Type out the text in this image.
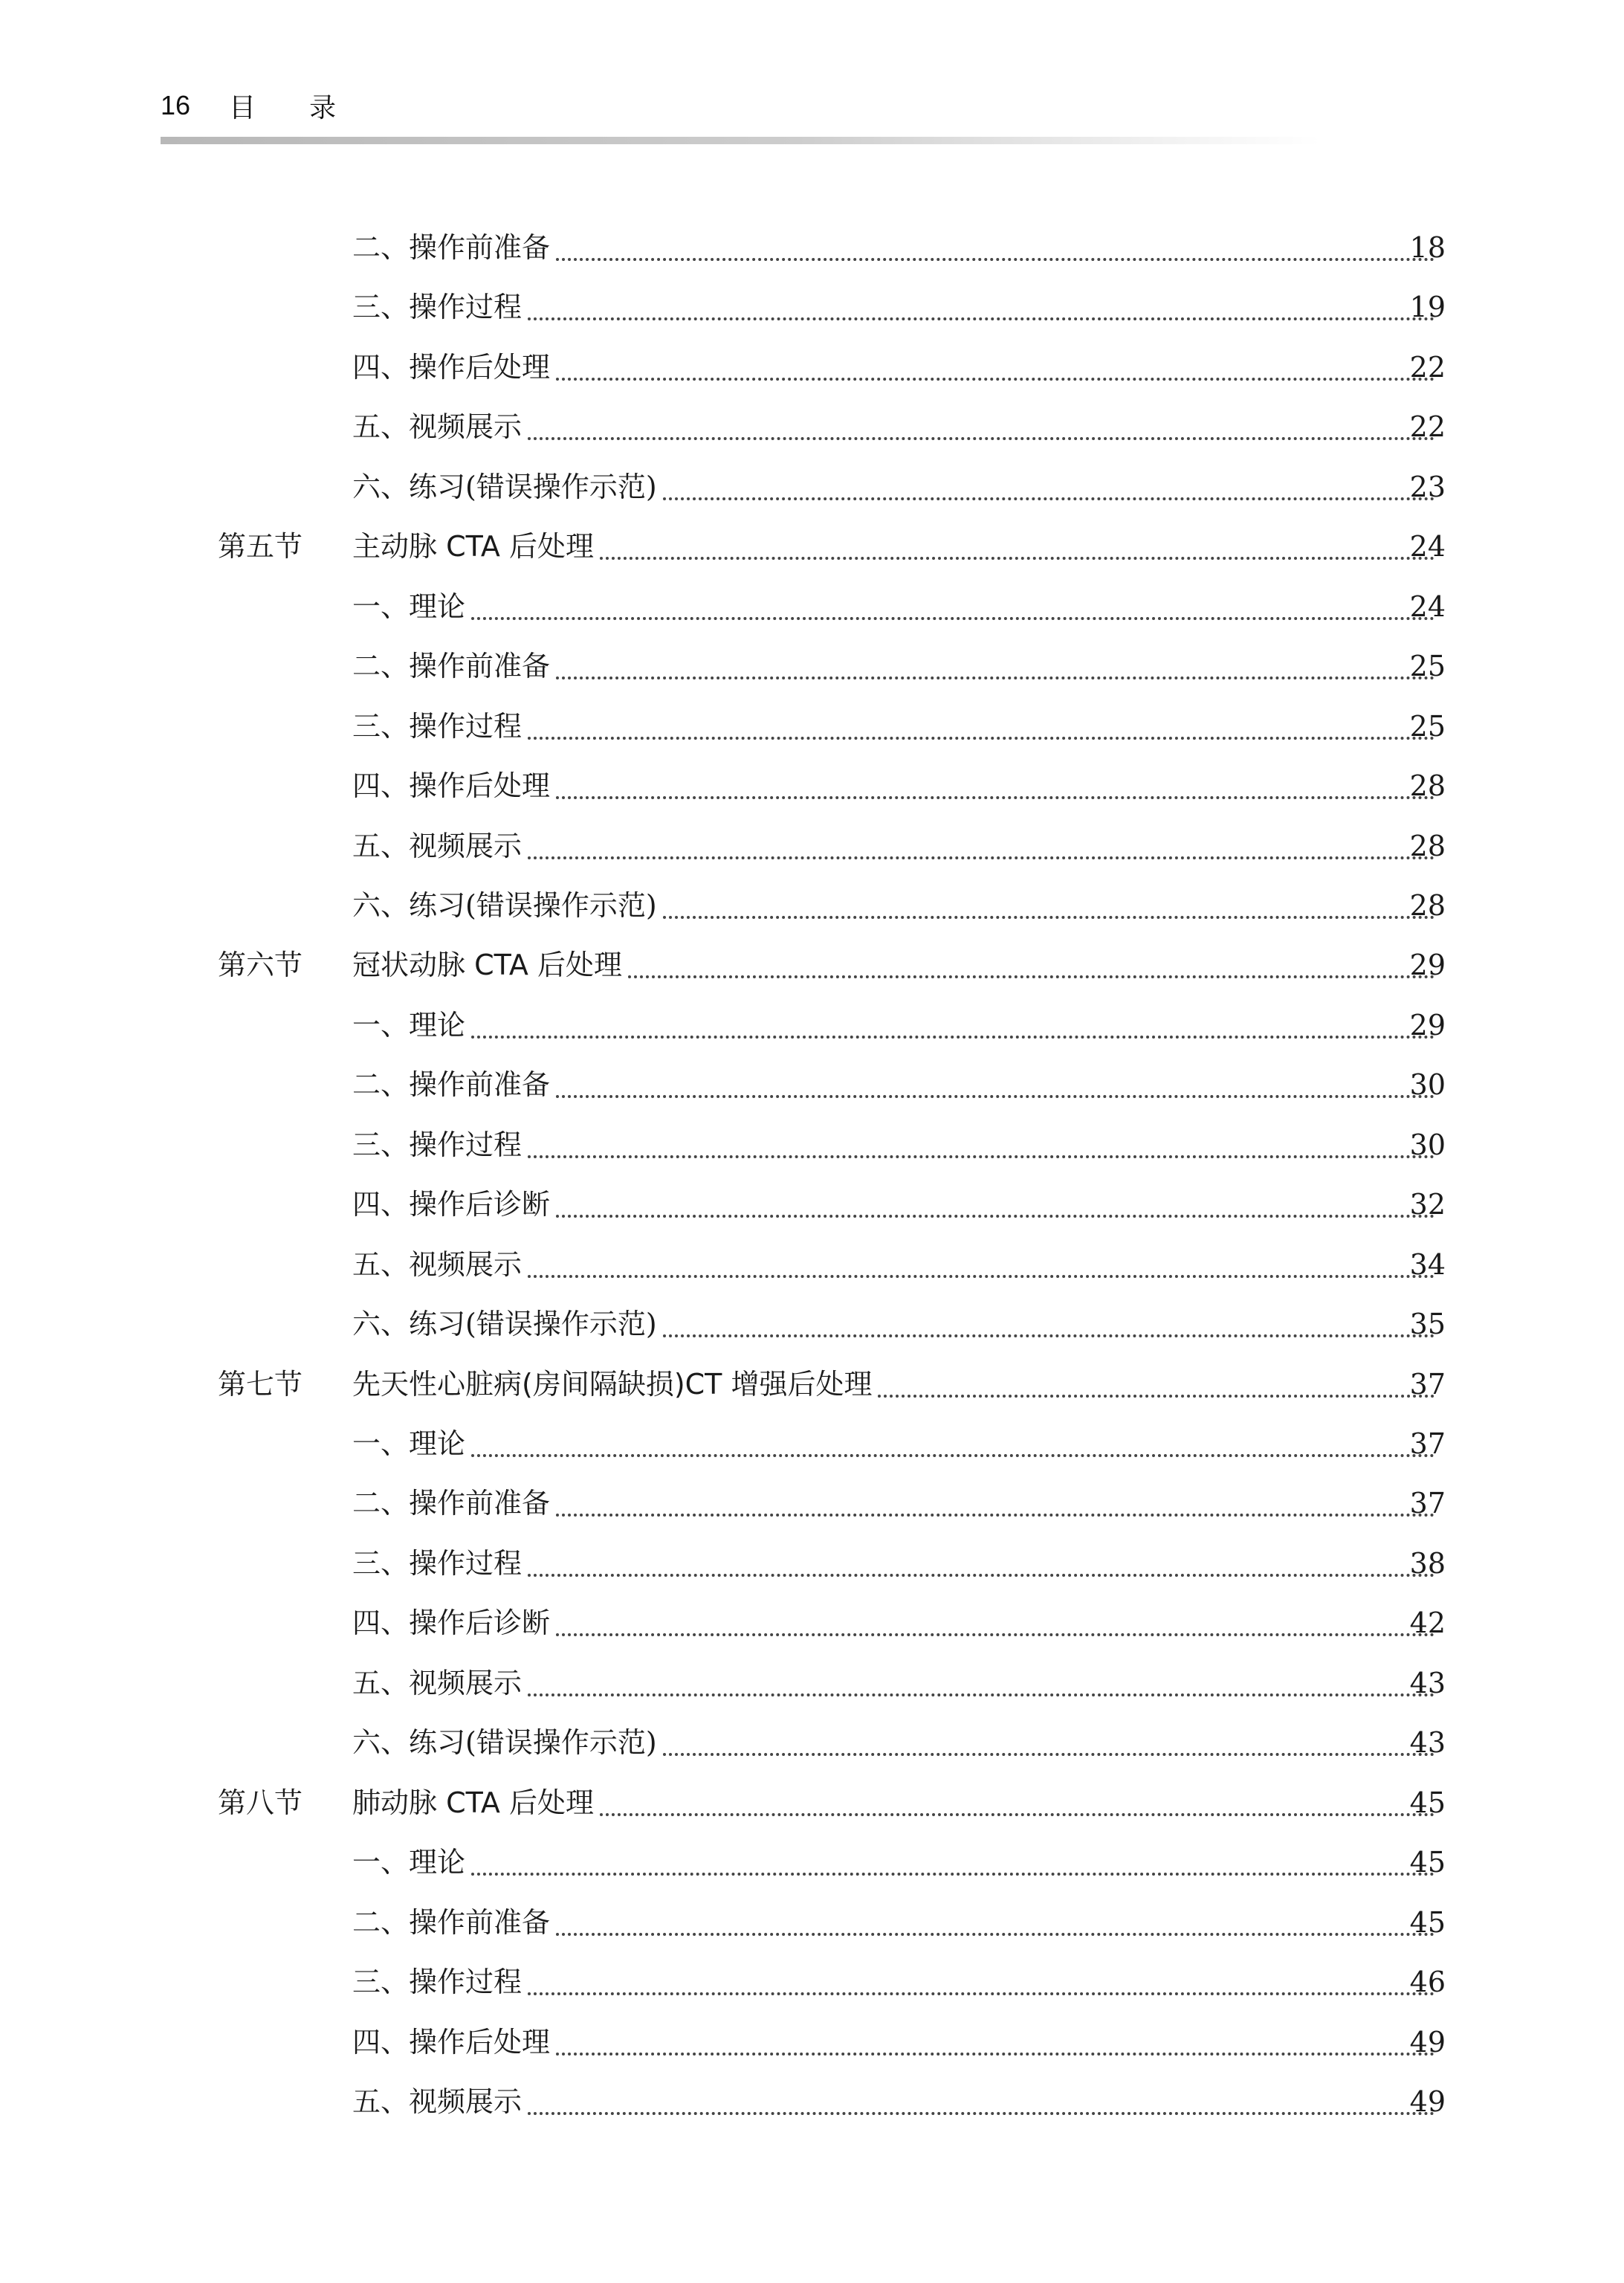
16 目 录
二、操作前准备	18
三、操作过程	19
四、操作后处理	22
五、视频展示	22
六、练习(错误操作示范)	23
第五节 主动脉 CTA 后处理	24
一、理论	24
二、操作前准备	25
三、操作过程	25
四、操作后处理	28
五、视频展示	28
六、练习(错误操作示范)	28
第六节 冠状动脉 CTA 后处理	29
一、理论	29
二、操作前准备	30
三、操作过程	30
四、操作后诊断	32
五、视频展示	34
六、练习(错误操作示范)	35
第七节 先天性心脏病(房间隔缺损)CT 增强后处理	37
一、理论	37
二、操作前准备	37
三、操作过程	38
四、操作后诊断	42
五、视频展示	43
六、练习(错误操作示范)	43
第八节 肺动脉 CTA 后处理	45
一、理论	45
二、操作前准备	45
三、操作过程	46
四、操作后处理	49
五、视频展示	49
